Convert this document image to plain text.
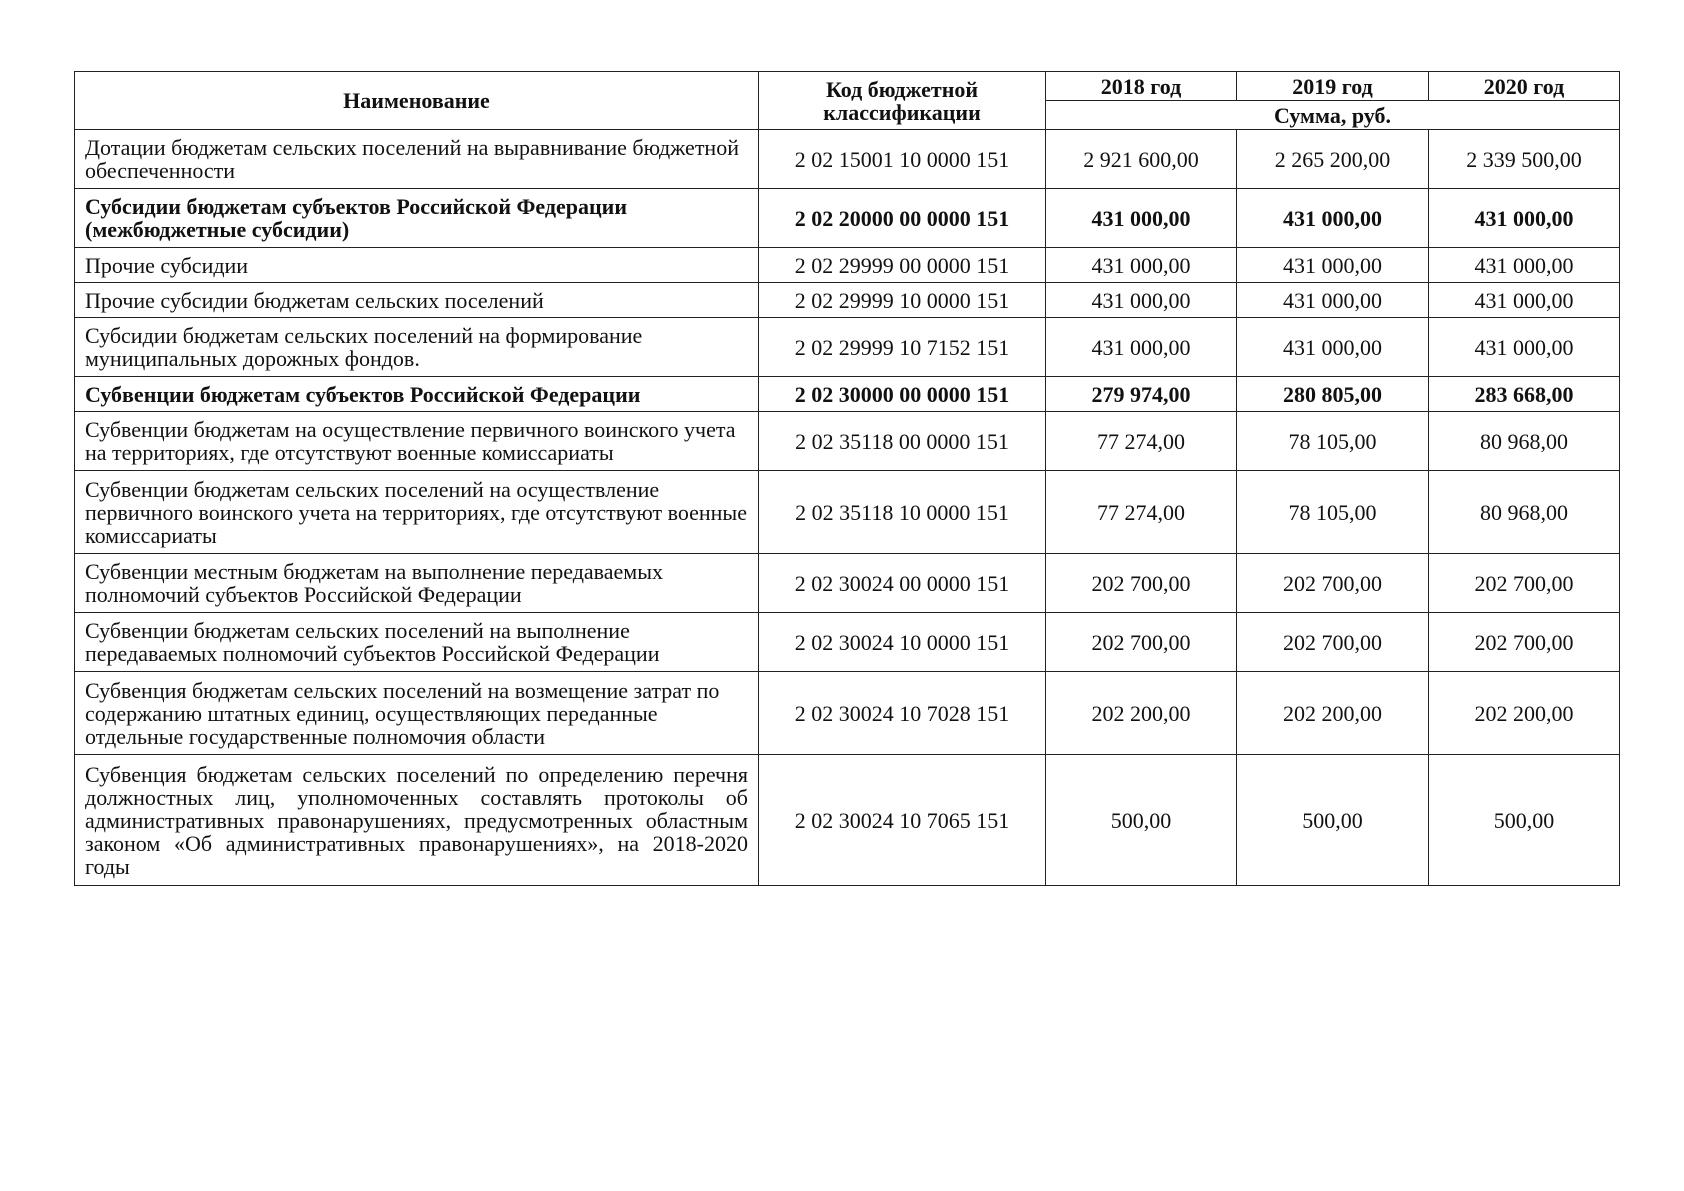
Наименование	Код бюджетной классификации	2018 год	2019 год	2020 год
		Сумма, руб.		
Дотации бюджетам сельских поселений на выравнивание бюджетной обеспеченности	2 02 15001 10 0000 151	2 921 600,00	2 265 200,00	2 339 500,00
Субсидии бюджетам субъектов Российской Федерации (межбюджетные субсидии)	2 02 20000 00 0000 151	431 000,00	431 000,00	431 000,00
Прочие субсидии	2 02 29999 00 0000 151	431 000,00	431 000,00	431 000,00
Прочие субсидии бюджетам сельских поселений	2 02 29999 10 0000 151	431 000,00	431 000,00	431 000,00
Субсидии бюджетам сельских поселений на формирование муниципальных дорожных фондов.	2 02 29999 10 7152 151	431 000,00	431 000,00	431 000,00
Субвенции бюджетам субъектов Российской Федерации	2 02 30000 00 0000 151	279 974,00	280 805,00	283 668,00
Субвенции бюджетам на осуществление первичного воинского учета на территориях, где отсутствуют военные комиссариаты	2 02 35118 00 0000 151	77 274,00	78 105,00	80 968,00
Субвенции бюджетам сельских поселений на осуществление первичного воинского учета на территориях, где отсутствуют военные комиссариаты	2 02 35118 10 0000 151	77 274,00	78 105,00	80 968,00
Субвенции местным бюджетам на выполнение передаваемых полномочий субъектов Российской Федерации	2 02 30024 00 0000 151	202 700,00	202 700,00	202 700,00
Субвенции бюджетам сельских поселений на выполнение передаваемых полномочий субъектов Российской Федерации	2 02 30024 10 0000 151	202 700,00	202 700,00	202 700,00
Субвенция бюджетам сельских поселений на возмещение затрат по содержанию штатных единиц, осуществляющих переданные отдельные государственные полномочия области	2 02 30024 10 7028 151	202 200,00	202 200,00	202 200,00
Субвенция бюджетам сельских поселений по определению перечня должностных лиц, уполномоченных составлять протоколы об административных правонарушениях, предусмотренных областным законом «Об административных правонарушениях», на 2018-2020 годы	2 02 30024 10 7065 151	500,00	500,00	500,00
